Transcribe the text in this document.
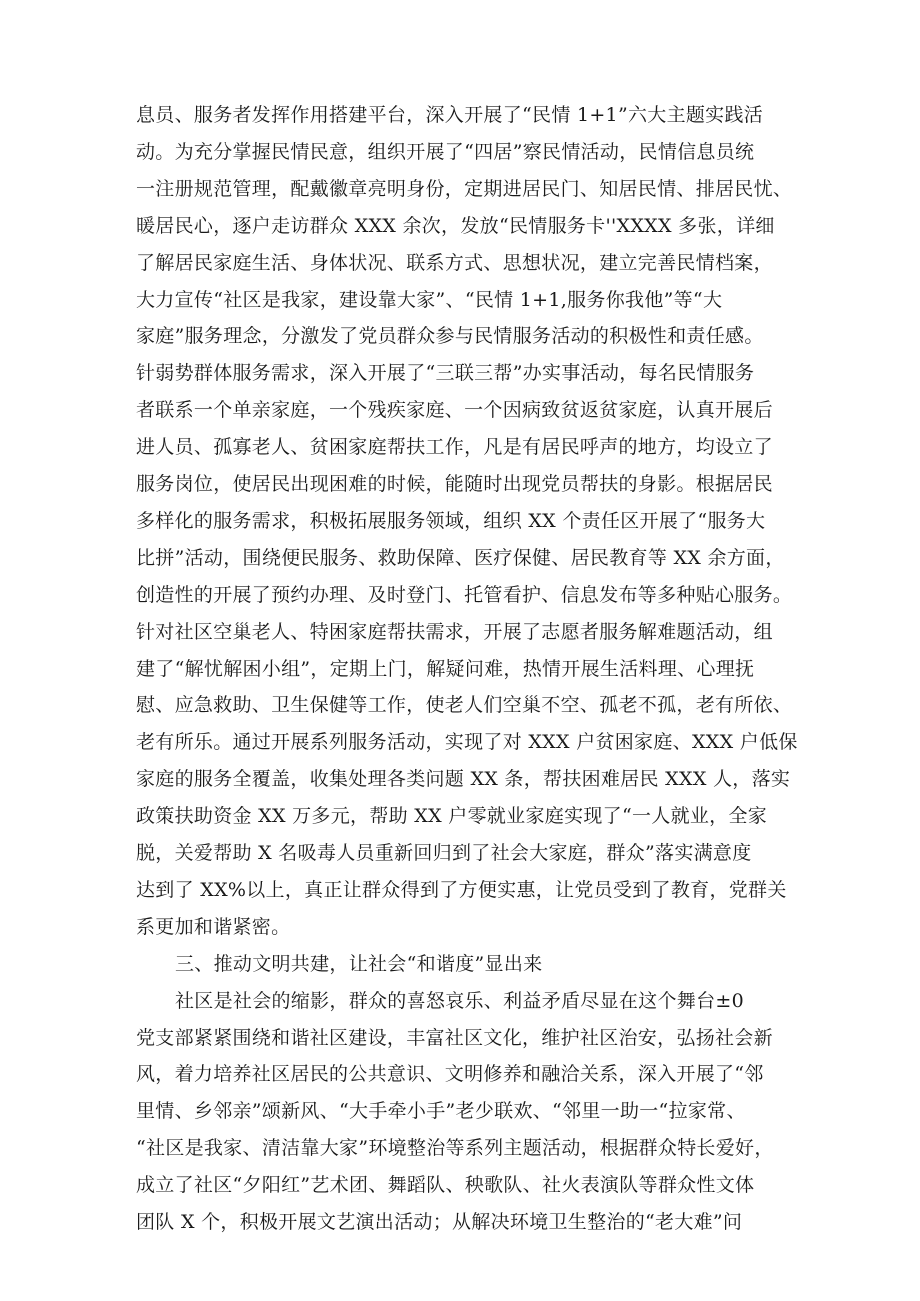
息员、服务者发挥作用搭建平台，深入开展了“民情 1+1”六大主题实践活
动。为充分掌握民情民意，组织开展了“四居”察民情活动，民情信息员统
一注册规范管理，配戴徽章亮明身份，定期进居民门、知居民情、排居民忧、
暖居民心，逐户走访群众 XXX 余次，发放“民情服务卡''XXXX 多张，详细
了解居民家庭生活、身体状况、联系方式、思想状况，建立完善民情档案，
大力宣传“社区是我家，建设靠大家”、“民情 1+1,服务你我他”等“大
家庭”服务理念，分激发了党员群众参与民情服务活动的积极性和责任感。
针弱势群体服务需求，深入开展了“三联三帮”办实事活动，每名民情服务
者联系一个单亲家庭，一个残疾家庭、一个因病致贫返贫家庭，认真开展后
进人员、孤寡老人、贫困家庭帮扶工作，凡是有居民呼声的地方，均设立了
服务岗位，使居民出现困难的时候，能随时出现党员帮扶的身影。根据居民
多样化的服务需求，积极拓展服务领域，组织 XX 个责任区开展了“服务大
比拼”活动，围绕便民服务、救助保障、医疗保健、居民教育等 XX 余方面，
创造性的开展了预约办理、及时登门、托管看护、信息发布等多种贴心服务。
针对社区空巢老人、特困家庭帮扶需求，开展了志愿者服务解难题活动，组
建了“解忧解困小组”，定期上门，解疑问难，热情开展生活料理、心理抚
慰、应急救助、卫生保健等工作，使老人们空巢不空、孤老不孤，老有所依、
老有所乐。通过开展系列服务活动，实现了对 XXX 户贫困家庭、XXX 户低保
家庭的服务全覆盖，收集处理各类问题 XX 条，帮扶困难居民 XXX 人，落实
政策扶助资金 XX 万多元，帮助 XX 户零就业家庭实现了“一人就业，全家
脱，关爱帮助 X 名吸毒人员重新回归到了社会大家庭，群众”落实满意度
达到了 XX%以上，真正让群众得到了方便实惠，让党员受到了教育，党群关
系更加和谐紧密。
三、推动文明共建，让社会“和谐度”显出来
社区是社会的缩影，群众的喜怒哀乐、利益矛盾尽显在这个舞台±0
党支部紧紧围绕和谐社区建设，丰富社区文化，维护社区治安，弘扬社会新
风，着力培养社区居民的公共意识、文明修养和融洽关系，深入开展了“邻
里情、乡邻亲”颂新风、“大手牵小手”老少联欢、“邻里一助一“拉家常、
“社区是我家、清洁靠大家”环境整治等系列主题活动，根据群众特长爱好，
成立了社区“夕阳红”艺术团、舞蹈队、秧歌队、社火表演队等群众性文体
团队 X 个，积极开展文艺演出活动；从解决环境卫生整治的“老大难”问
